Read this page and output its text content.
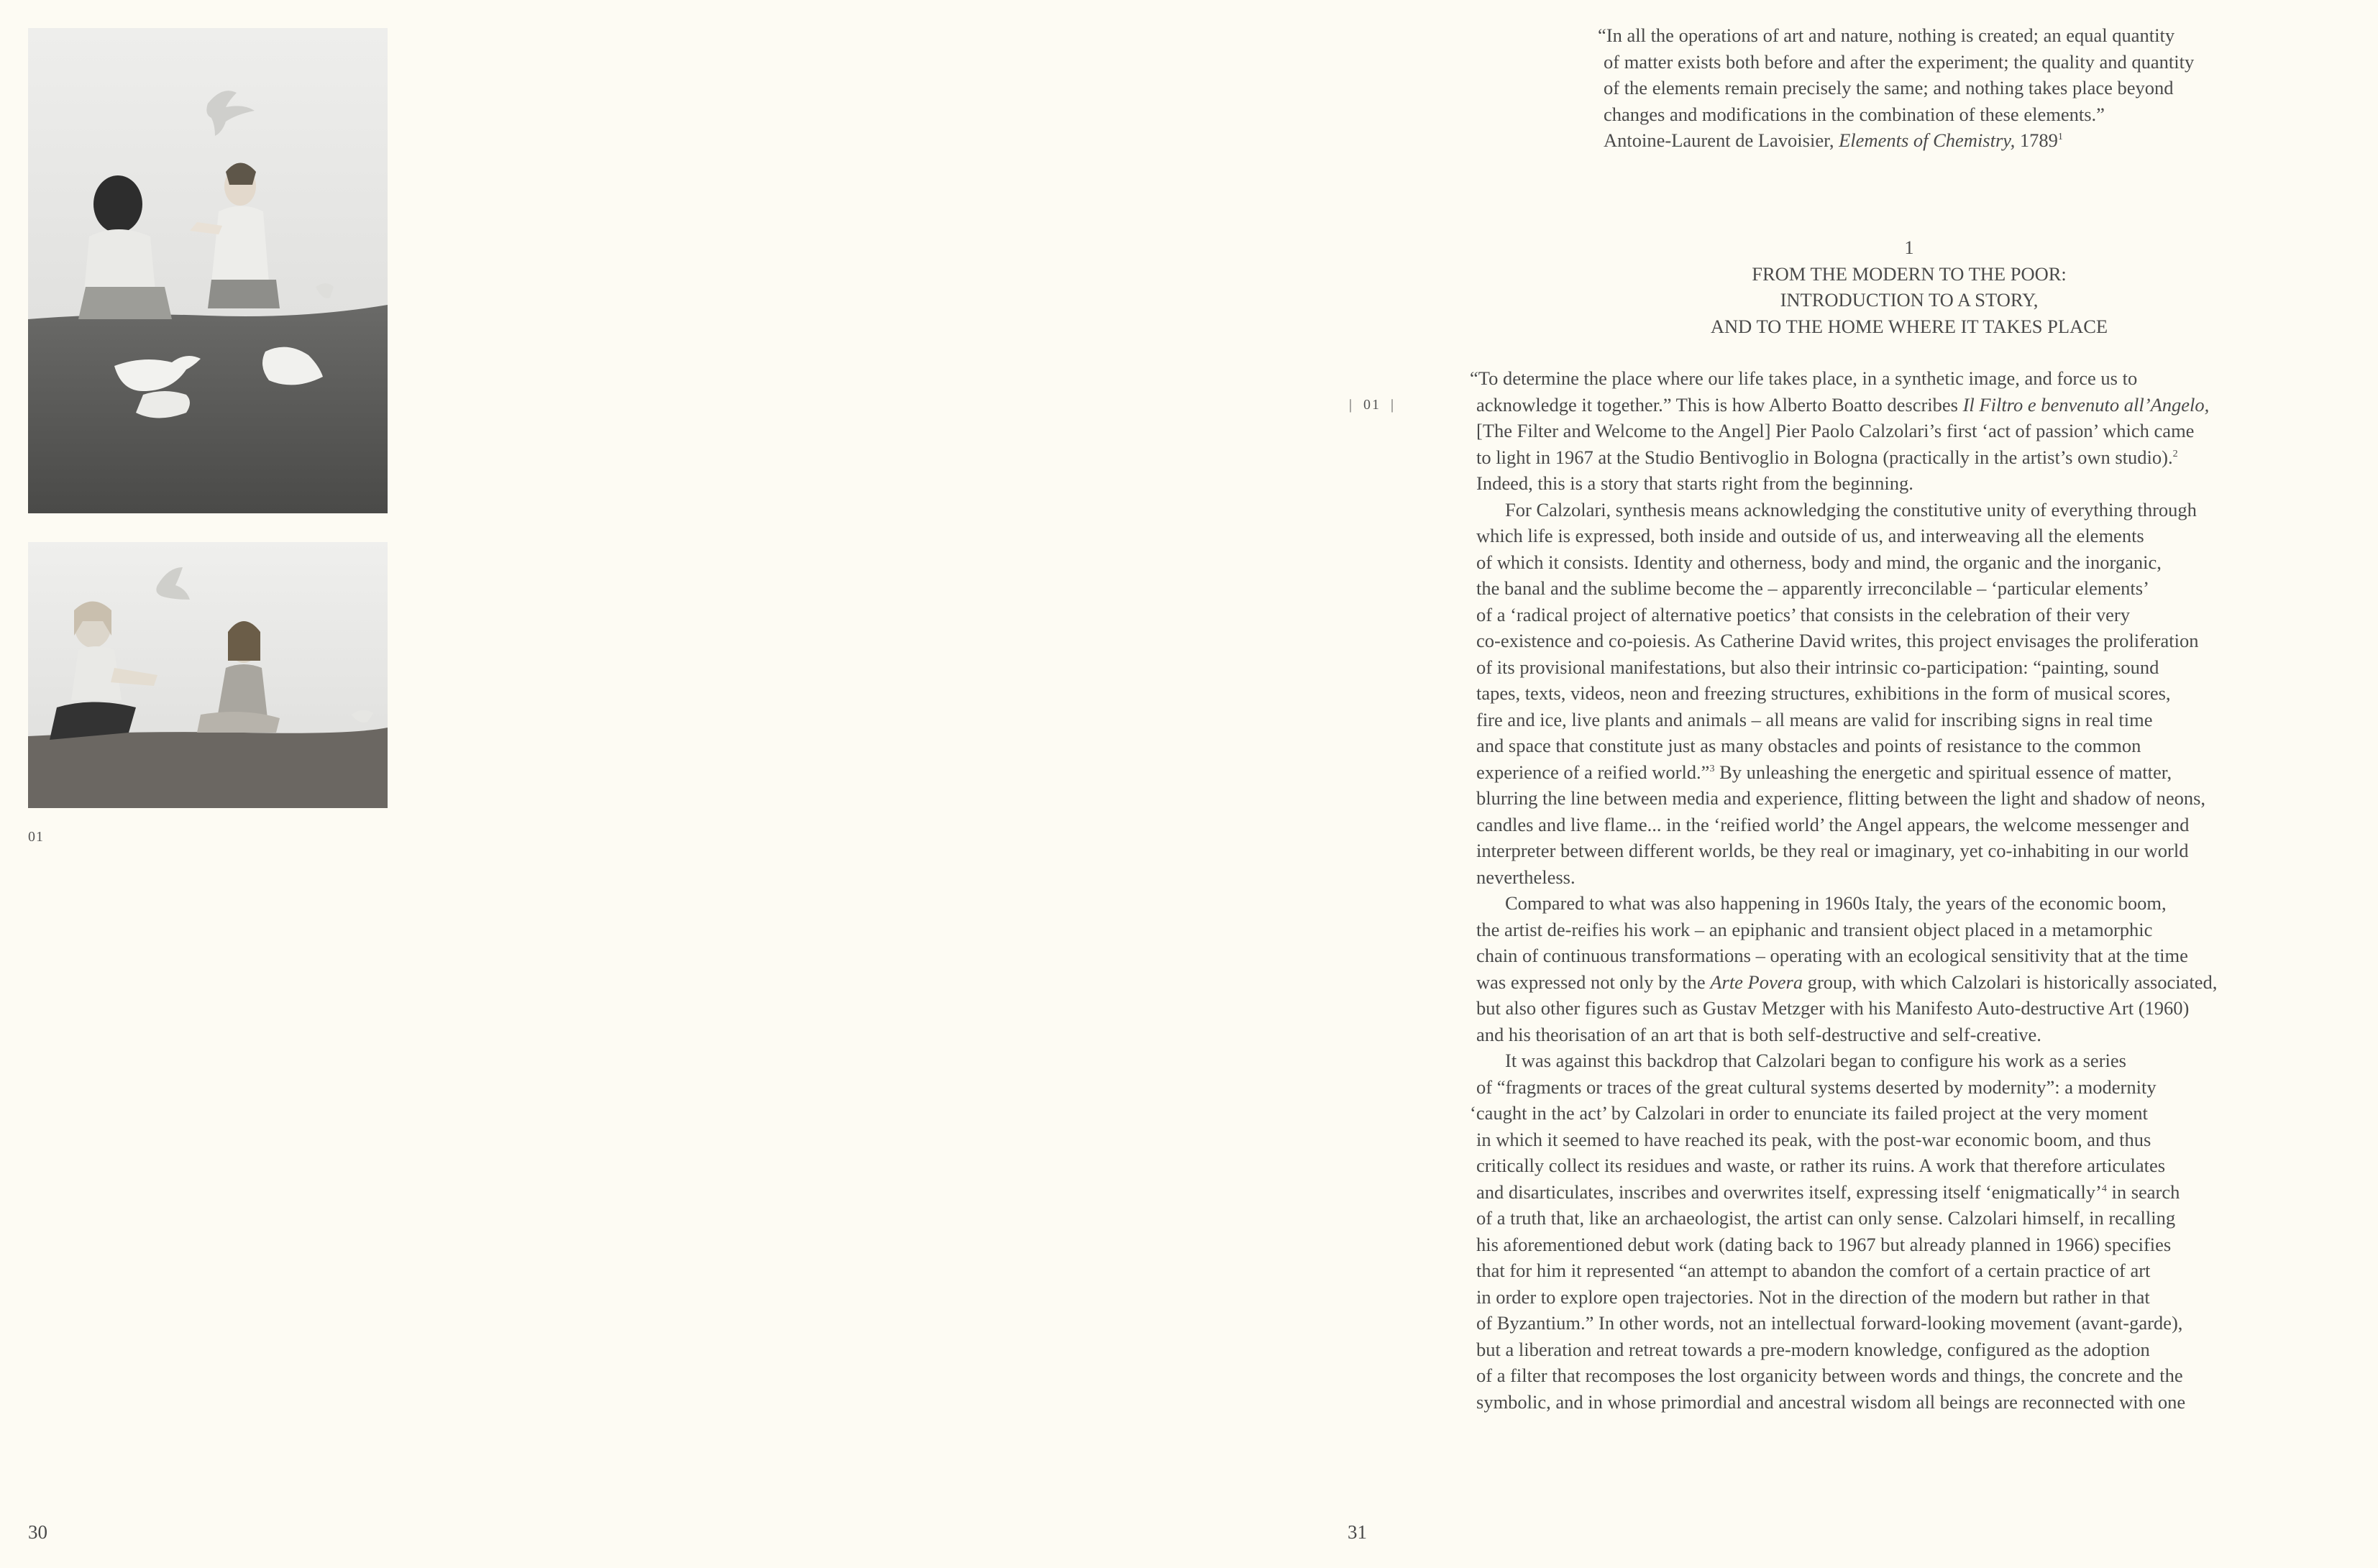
01
30	31
|  01  |
“In all the operations of art and nature, nothing is created; an equal quantity
of matter exists both before and after the experiment; the quality and quantity
of the elements remain precisely the same; and nothing takes place beyond
changes and modifications in the combination of these elements.”
Antoine-Laurent de Lavoisier, Elements of Chemistry, 1789$^1$
1
FROM THE MODERN TO THE POOR:
INTRODUCTION TO A STORY,
AND TO THE HOME WHERE IT TAKES PLACE
“To determine the place where our life takes place, in a synthetic image, and force us to
acknowledge it together.” This is how Alberto Boatto describes Il Filtro e benvenuto all’Angelo,
[The Filter and Welcome to the Angel] Pier Paolo Calzolari’s first ‘act of passion’ which came
to light in 1967 at the Studio Bentivoglio in Bologna (practically in the artist’s own studio).$^2$
Indeed, this is a story that starts right from the beginning.
For Calzolari, synthesis means acknowledging the constitutive unity of everything through
which life is expressed, both inside and outside of us, and interweaving all the elements
of which it consists. Identity and otherness, body and mind, the organic and the inorganic,
the banal and the sublime become the – apparently irreconcilable – ‘particular elements’
of a ‘radical project of alternative poetics’ that consists in the celebration of their very
co-existence and co-poiesis. As Catherine David writes, this project envisages the proliferation
of its provisional manifestations, but also their intrinsic co-participation: “painting, sound
tapes, texts, videos, neon and freezing structures, exhibitions in the form of musical scores,
fire and ice, live plants and animals – all means are valid for inscribing signs in real time
and space that constitute just as many obstacles and points of resistance to the common
experience of a reified world.”$^3$ By unleashing the energetic and spiritual essence of matter,
blurring the line between media and experience, flitting between the light and shadow of neons,
candles and live flame... in the ‘reified world’ the Angel appears, the welcome messenger and
interpreter between different worlds, be they real or imaginary, yet co-inhabiting in our world
nevertheless.
Compared to what was also happening in 1960s Italy, the years of the economic boom,
the artist de-reifies his work – an epiphanic and transient object placed in a metamorphic
chain of continuous transformations – operating with an ecological sensitivity that at the time
was expressed not only by the Arte Povera group, with which Calzolari is historically associated,
but also other figures such as Gustav Metzger with his Manifesto Auto-destructive Art (1960)
and his theorisation of an art that is both self-destructive and self-creative.
It was against this backdrop that Calzolari began to configure his work as a series
of “fragments or traces of the great cultural systems deserted by modernity”: a modernity
‘caught in the act’ by Calzolari in order to enunciate its failed project at the very moment
in which it seemed to have reached its peak, with the post-war economic boom, and thus
critically collect its residues and waste, or rather its ruins. A work that therefore articulates
and disarticulates, inscribes and overwrites itself, expressing itself ‘enigmatically’$^4$ in search
of a truth that, like an archaeologist, the artist can only sense. Calzolari himself, in recalling
his aforementioned debut work (dating back to 1967 but already planned in 1966) specifies
that for him it represented “an attempt to abandon the comfort of a certain practice of art
in order to explore open trajectories. Not in the direction of the modern but rather in that
of Byzantium.” In other words, not an intellectual forward-looking movement (avant-garde),
but a liberation and retreat towards a pre-modern knowledge, configured as the adoption
of a filter that recomposes the lost organicity between words and things, the concrete and the
symbolic, and in whose primordial and ancestral wisdom all beings are reconnected with one
